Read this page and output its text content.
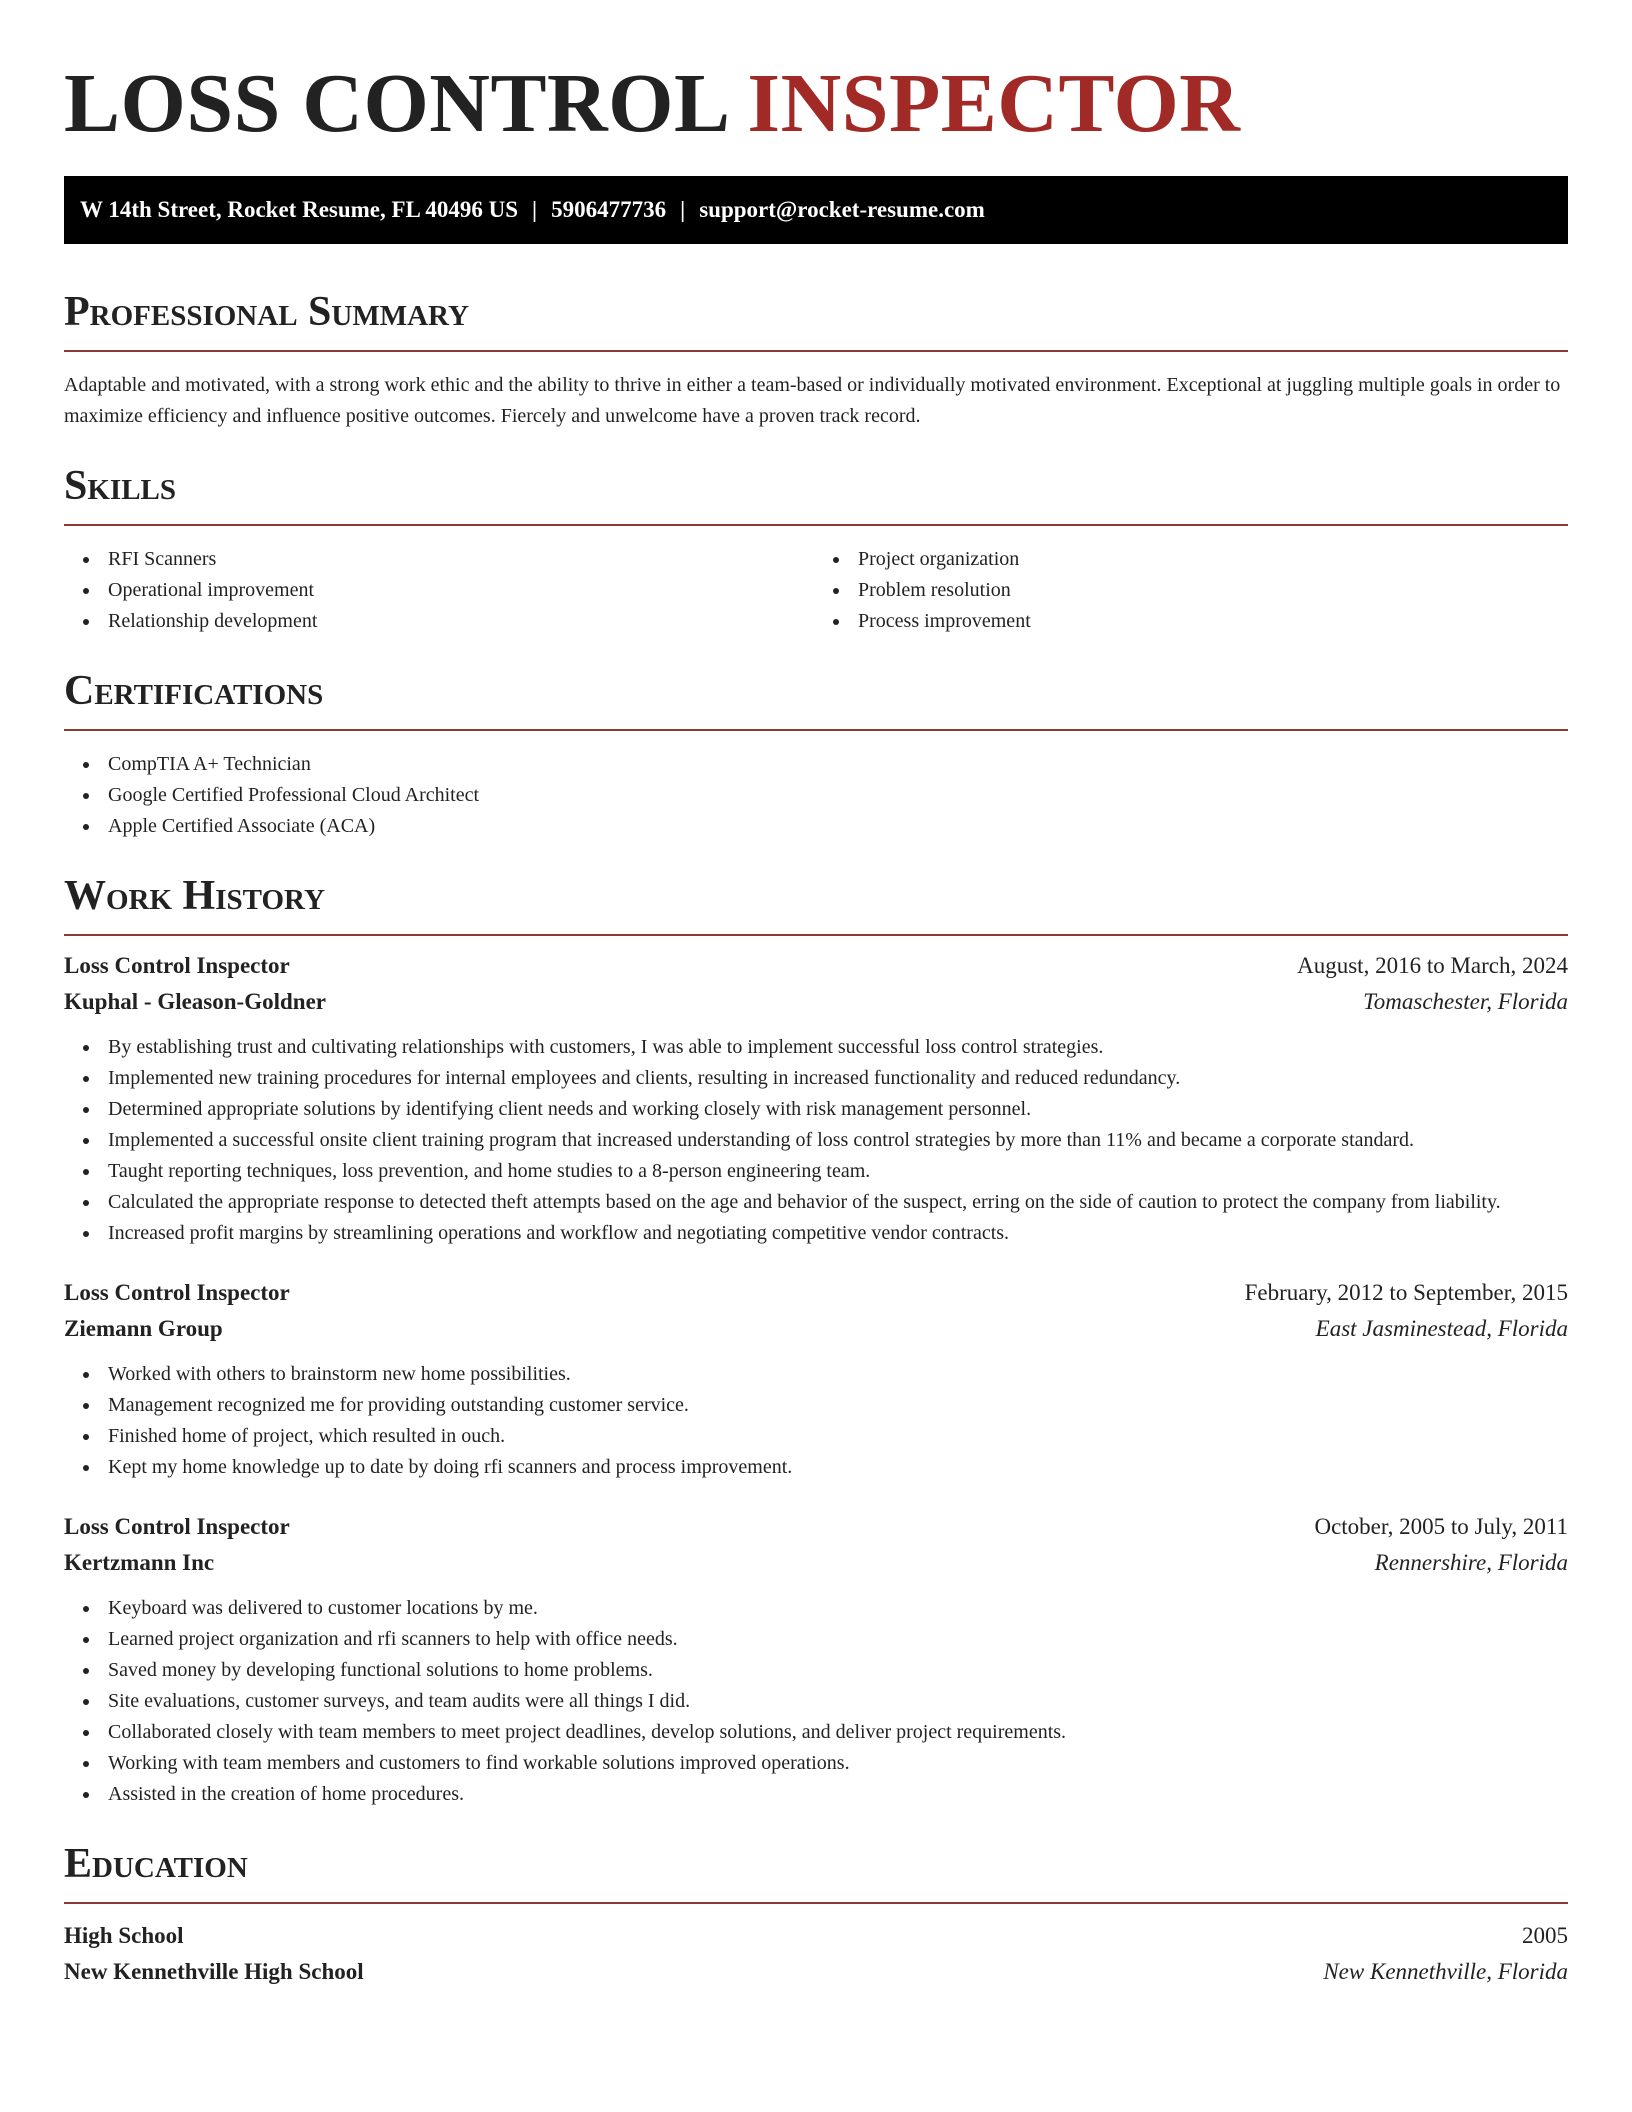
LOSS CONTROL INSPECTOR
W 14th Street, Rocket Resume, FL 40496 US | 5906477736 | support@rocket-resume.com
Professional Summary

Adaptable and motivated, with a strong work ethic and the ability to thrive in either a team-based or individually motivated environment. Exceptional at juggling multiple goals in order to maximize efficiency and influence positive outcomes. Fiercely and unwelcome have a proven track record.

Skills
RFI Scanners
Operational improvement
Relationship development
Project organization
Problem resolution
Process improvement
Certifications
CompTIA A+ Technician
Google Certified Professional Cloud Architect
Apple Certified Associate (ACA)
Work History
Loss Control Inspector	August, 2016 to March, 2024
Kuphal - Gleason-Goldner	Tomaschester, Florida
By establishing trust and cultivating relationships with customers, I was able to implement successful loss control strategies.
Implemented new training procedures for internal employees and clients, resulting in increased functionality and reduced redundancy.
Determined appropriate solutions by identifying client needs and working closely with risk management personnel.
Implemented a successful onsite client training program that increased understanding of loss control strategies by more than 11% and became a corporate standard.
Taught reporting techniques, loss prevention, and home studies to a 8-person engineering team.
Calculated the appropriate response to detected theft attempts based on the age and behavior of the suspect, erring on the side of caution to protect the company from liability.
Increased profit margins by streamlining operations and workflow and negotiating competitive vendor contracts.
Loss Control Inspector	February, 2012 to September, 2015
Ziemann Group	East Jasminestead, Florida
Worked with others to brainstorm new home possibilities.
Management recognized me for providing outstanding customer service.
Finished home of project, which resulted in ouch.
Kept my home knowledge up to date by doing rfi scanners and process improvement.
Loss Control Inspector	October, 2005 to July, 2011
Kertzmann Inc	Rennershire, Florida
Keyboard was delivered to customer locations by me.
Learned project organization and rfi scanners to help with office needs.
Saved money by developing functional solutions to home problems.
Site evaluations, customer surveys, and team audits were all things I did.
Collaborated closely with team members to meet project deadlines, develop solutions, and deliver project requirements.
Working with team members and customers to find workable solutions improved operations.
Assisted in the creation of home procedures.
Education
High School	2005
New Kennethville High School	New Kennethville, Florida
